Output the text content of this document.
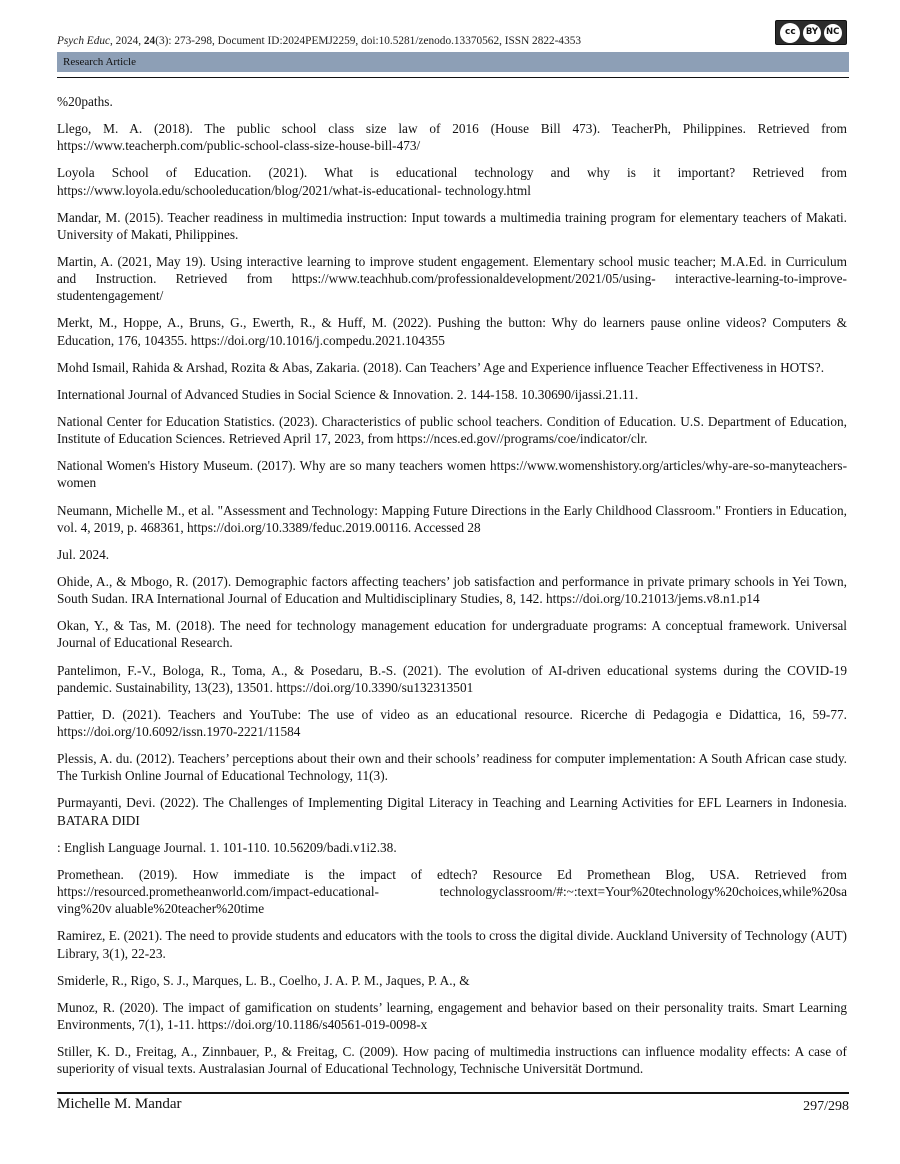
Psych Educ, 2024, 24(3): 273-298, Document ID:2024PEMJ2259, doi:10.5281/zenodo.13370562, ISSN 2822-4353
cc	BY NC
Research Article

%20paths.

Llego, M. A. (2018). The public school class size law of 2016 (House Bill 473). TeacherPh, Philippines. Retrieved from https://www.teacherph.com/public-school-class-size-house-bill-473/

Loyola School of Education. (2021). What is educational technology and why is it important? Retrieved from https://www.loyola.edu/schooleducation/blog/2021/what-is-educational- technology.html

Mandar, M. (2015). Teacher readiness in multimedia instruction: Input towards a multimedia training program for elementary teachers of Makati. University of Makati, Philippines.

Martin, A. (2021, May 19). Using interactive learning to improve student engagement. Elementary school music teacher; M.A.Ed. in Curriculum and Instruction. Retrieved from https://www.teachhub.com/professionaldevelopment/2021/05/using- interactive-learning-to-improve-studentengagement/

Merkt, M., Hoppe, A., Bruns, G., Ewerth, R., & Huff, M. (2022). Pushing the button: Why do learners pause online videos? Computers & Education, 176, 104355. https://doi.org/10.1016/j.compedu.2021.104355

Mohd Ismail, Rahida & Arshad, Rozita & Abas, Zakaria. (2018). Can Teachers’ Age and Experience influence Teacher Effectiveness in HOTS?.

International Journal of Advanced Studies in Social Science & Innovation. 2. 144-158. 10.30690/ijassi.21.11.

National Center for Education Statistics. (2023). Characteristics of public school teachers. Condition of Education. U.S. Department of Education, Institute of Education Sciences. Retrieved April 17, 2023, from https://nces.ed.gov//programs/coe/indicator/clr.

National Women's History Museum. (2017). Why are so many teachers women https://www.womenshistory.org/articles/why-are-so-manyteachers- women

Neumann, Michelle M., et al. "Assessment and Technology: Mapping Future Directions in the Early Childhood Classroom." Frontiers in Education, vol. 4, 2019, p. 468361, https://doi.org/10.3389/feduc.2019.00116. Accessed 28

Jul. 2024.

Ohide, A., & Mbogo, R. (2017). Demographic factors affecting teachers’ job satisfaction and performance in private primary schools in Yei Town, South Sudan. IRA International Journal of Education and Multidisciplinary Studies, 8, 142. https://doi.org/10.21013/jems.v8.n1.p14

Okan, Y., & Tas, M. (2018). The need for technology management education for undergraduate programs: A conceptual framework. Universal Journal of Educational Research.

Pantelimon, F.-V., Bologa, R., Toma, A., & Posedaru, B.-S. (2021). The evolution of AI-driven educational systems during the COVID-19 pandemic. Sustainability, 13(23), 13501. https://doi.org/10.3390/su132313501

Pattier, D. (2021). Teachers and YouTube: The use of video as an educational resource. Ricerche di Pedagogia e Didattica, 16, 59-77. https://doi.org/10.6092/issn.1970-2221/11584

Plessis, A. du. (2012). Teachers’ perceptions about their own and their schools’ readiness for computer implementation: A South African case study. The Turkish Online Journal of Educational Technology, 11(3).

Purmayanti, Devi. (2022). The Challenges of Implementing Digital Literacy in Teaching and Learning Activities for EFL Learners in Indonesia. BATARA DIDI

: English Language Journal. 1. 101-110. 10.56209/badi.v1i2.38.

Promethean. (2019). How immediate is the impact of edtech? Resource Ed Promethean Blog, USA. Retrieved from https://resourced.prometheanworld.com/impact-educational- technologyclassroom/#:~:text=Your%20technology%20choices,while%20sa ving%20v aluable%20teacher%20time

Ramirez, E. (2021). The need to provide students and educators with the tools to cross the digital divide. Auckland University of Technology (AUT) Library, 3(1), 22-23.

Smiderle, R., Rigo, S. J., Marques, L. B., Coelho, J. A. P. M., Jaques, P. A., &

Munoz, R. (2020). The impact of gamification on students’ learning, engagement and behavior based on their personality traits. Smart Learning Environments, 7(1), 1-11. https://doi.org/10.1186/s40561-019-0098-x

Stiller, K. D., Freitag, A., Zinnbauer, P., & Freitag, C. (2009). How pacing of multimedia instructions can influence modality effects: A case of superiority of visual texts. Australasian Journal of Educational Technology, Technische Universität Dortmund.

Michelle M. Mandar	297/298
